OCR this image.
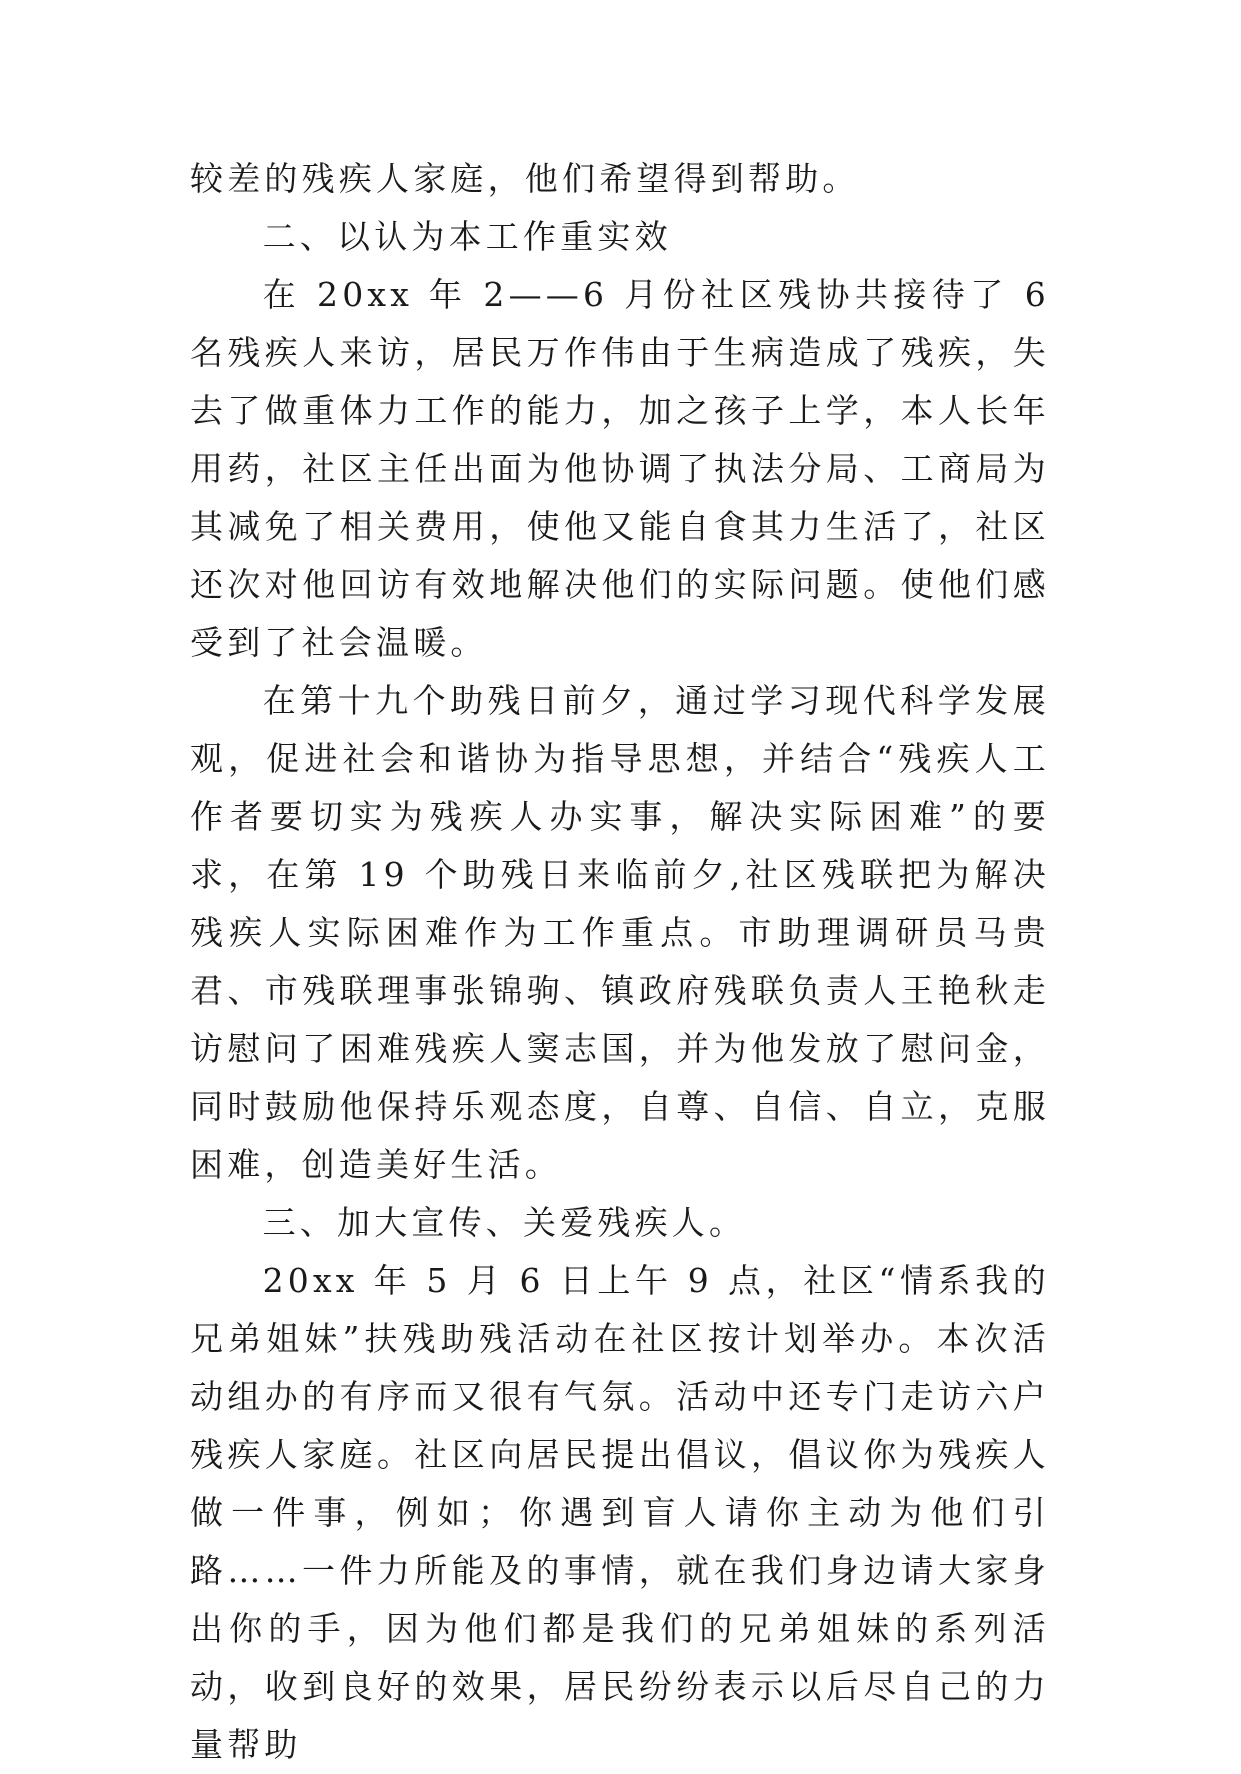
较差的残疾人家庭，他们希望得到帮助。

二、以认为本工作重实效

在 20xx 年 2——6 月份社区残协共接待了 6 名残疾人来访，居民万作伟由于生病造成了残疾，失去了做重体力工作的能力，加之孩子上学，本人长年用药，社区主任出面为他协调了执法分局、工商局为其减免了相关费用，使他又能自食其力生活了，社区还次对他回访有效地解决他们的实际问题。使他们感受到了社会温暖。

在第十九个助残日前夕，通过学习现代科学发展观，促进社会和谐协为指导思想，并结合“残疾人工作者要切实为残疾人办实事，解决实际困难”的要求，在第 19 个助残日来临前夕,社区残联把为解决残疾人实际困难作为工作重点。市助理调研员马贵君、市残联理事张锦驹、镇政府残联负责人王艳秋走访慰问了困难残疾人窦志国，并为他发放了慰问金，同时鼓励他保持乐观态度，自尊、自信、自立，克服困难，创造美好生活。

三、加大宣传、关爱残疾人。

20xx 年 5 月 6 日上午 9 点，社区“情系我的兄弟姐妹”扶残助残活动在社区按计划举办。本次活动组办的有序而又很有气氛。活动中还专门走访六户残疾人家庭。社区向居民提出倡议，倡议你为残疾人做一件事，例如；你遇到盲人请你主动为他们引路……一件力所能及的事情，就在我们身边请大家身出你的手，因为他们都是我们的兄弟姐妹的系列活动，收到良好的效果，居民纷纷表示以后尽自己的力量帮助
